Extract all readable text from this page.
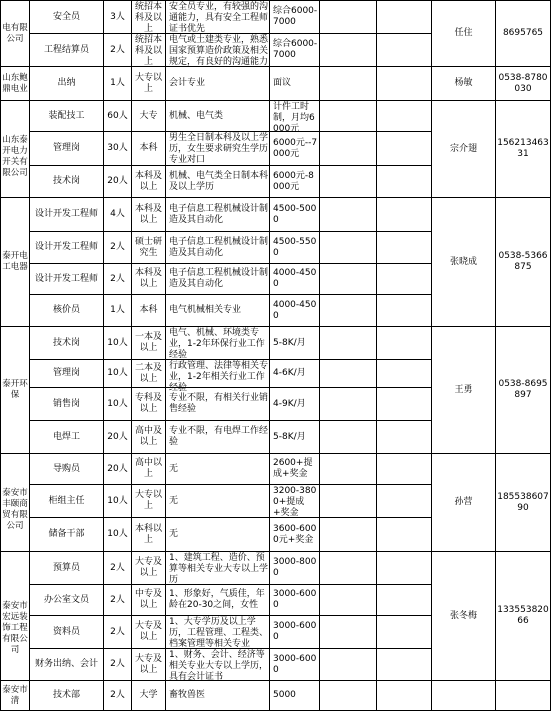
电有限公司	安全员	3人	统招本科及以上	安全员专业，有较强的沟通能力，具有安全工程师证书优先	综合6000-7000			任住	8695765

	工程结算员	2人	统招本科及以上	电气或土建类专业，熟悉国家预算造价政策及相关规定，有良好的沟通能力	综合6000-7000				

山东鲍鼎电业	出纳	1人	大专以上	会计专业	面议			杨敏	0538-8780030

山东泰开电力开关有限公司	装配技工	60人	大专	机械、电气类	计件工时制，月均6000元			宗介翅	15621346331

	管理岗	30人	本科	男生全日制本科及以上学历，女生要求研究生学历专业对口	6000元--7000元				

	技术岗	20人	本科及以上	机械、电气类全日制本科及以上学历	6000元-8000元				

泰开电工电器	设计开发工程师	4人	本科及以上	电子信息工程机械设计制造及其自动化	4500-5000			张晓成	0538-5366875

	设计开发工程师	2人	硕士研究生	电子信息工程机械设计制造及其自动化	4500-5500				

	设计开发工程师	2人	本科及以上	电子信息工程机械设计制造及其自动化	4000-4500				

	核价员	1人	本科	电气机械相关专业	4000-4500				

泰开环保	技术岗	10人	一本及以上	电气、机械、环境类专业，1-2年环保行业工作经验	5-8K/月			王勇	0538-8695897

	管理岗	10人	二本及以上	行政管理、法律等相关专业，1-2年相关行业工作经验	4-6K/月				

	销售岗	10人	专科及以上	专业不限，有相关行业销售经验	4-9K/月				

	电焊工	20人	高中及以上	专业不限，有电焊工作经验	5-8K/月				

泰安市丰颐商贸有限公司	导购员	20人	高中以上	无	2600+提成+奖金			孙营	18553860790

	柜组主任	10人	大专以上	无	3200-3800+提成+奖金				

	储备干部	10人	本科以上	无	3600-6000元+奖金				

泰安市宏远装饰工程有限公司	预算员	2人	大专及以上	1、建筑工程、造价、预算等相关专业大专以上学历	3000-8000			张冬梅	13355382066

	办公室文员	2人	中专及以上	1、形象好，气质佳，年龄在20-30之间，女性	3000-6000				

	资料员	2人	大专及以上	1、大专学历及以上学历，工程管理、工程类、档案管理等相关专业	3000-6000				

	财务出纳、会计	2人	大专及以上	1、财务、会计、经济等相关专业大专以上学历，具有会计证书	3000-6000				

泰安市清	技术部	2人	大学	畜牧兽医	5000				
